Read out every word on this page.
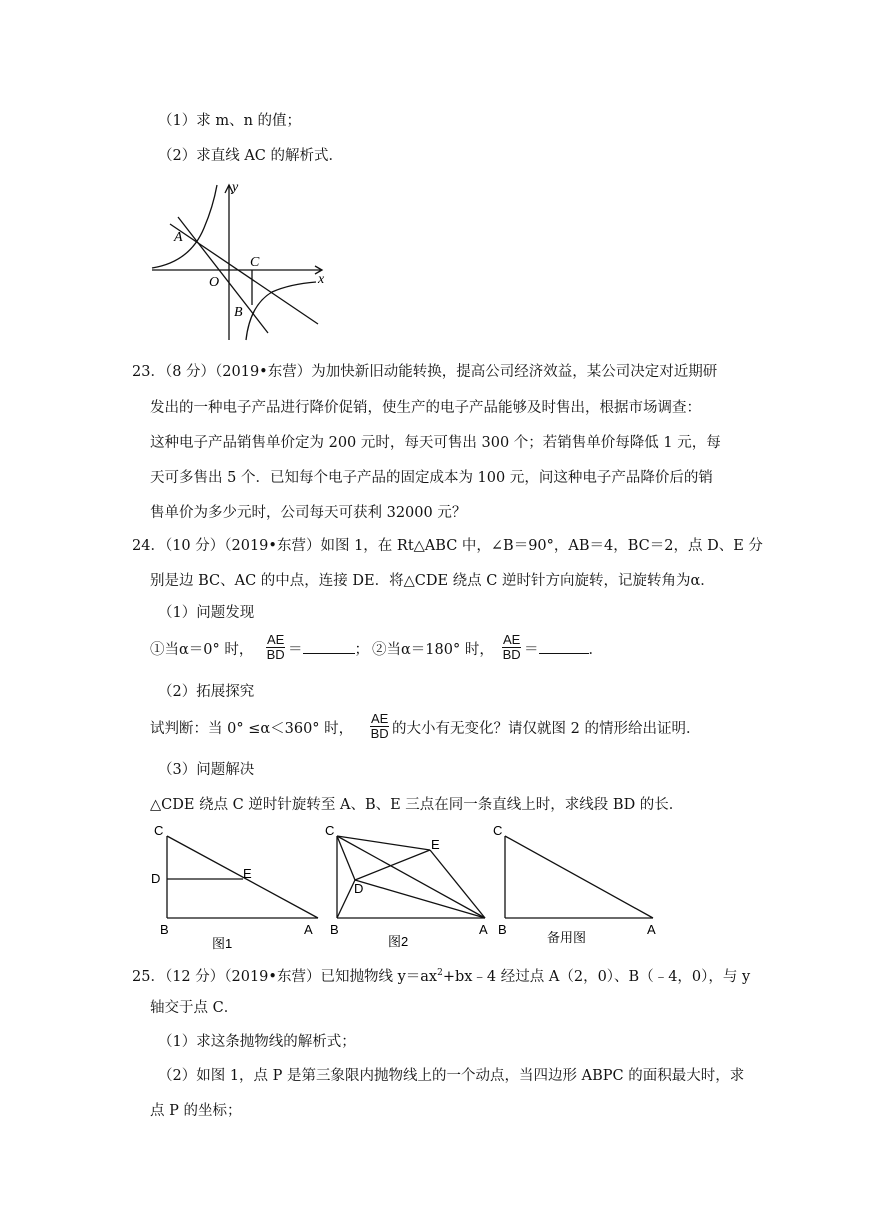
（1）求 m、n 的值；
（2）求直线 AC 的解析式．
y
x
O
A
B
C
23．（8 分）（2019•东营）为加快新旧动能转换，提高公司经济效益，某公司决定对近期研
发出的一种电子产品进行降价促销，使生产的电子产品能够及时售出，根据市场调查：
这种电子产品销售单价定为 200 元时，每天可售出 300 个；若销售单价每降低 1 元，每
天可多售出 5 个．已知每个电子产品的固定成本为 100 元，问这种电子产品降价后的销
售单价为多少元时，公司每天可获利 32000 元？
24．（10 分）（2019•东营）如图 1，在 Rt△ABC 中，∠B＝90°，AB＝4，BC＝2，点 D、E 分
别是边 BC、AC 的中点，连接 DE．将△CDE 绕点 C 逆时针方向旋转，记旋转角为α．
（1）问题发现
①当α＝0° 时， $\frac{AE}{BD}$ ＝	； ②当α＝180° 时， $\frac{AE}{BD}$ ＝	．
（2）拓展探究
试判断：当 0° ≤α＜360° 时， $\frac{AE}{BD}$ 的大小有无变化？请仅就图 2 的情形给出证明．
（3）问题解决
△CDE 绕点 C 逆时针旋转至 A、B、E 三点在同一条直线上时，求线段 BD 的长．
C
D	E
B	A
图1
C
D
E
B	A
图2
C
B	A
备用图
25．（12 分）（2019•东营）已知抛物线 $y=ax^2+bx﹣4$ 经过点 A（2，0）、B（﹣4，0），与 y
轴交于点 C．
（1）求这条抛物线的解析式；
（2）如图 1，点 P 是第三象限内抛物线上的一个动点，当四边形 ABPC 的面积最大时，求
点 P 的坐标；
